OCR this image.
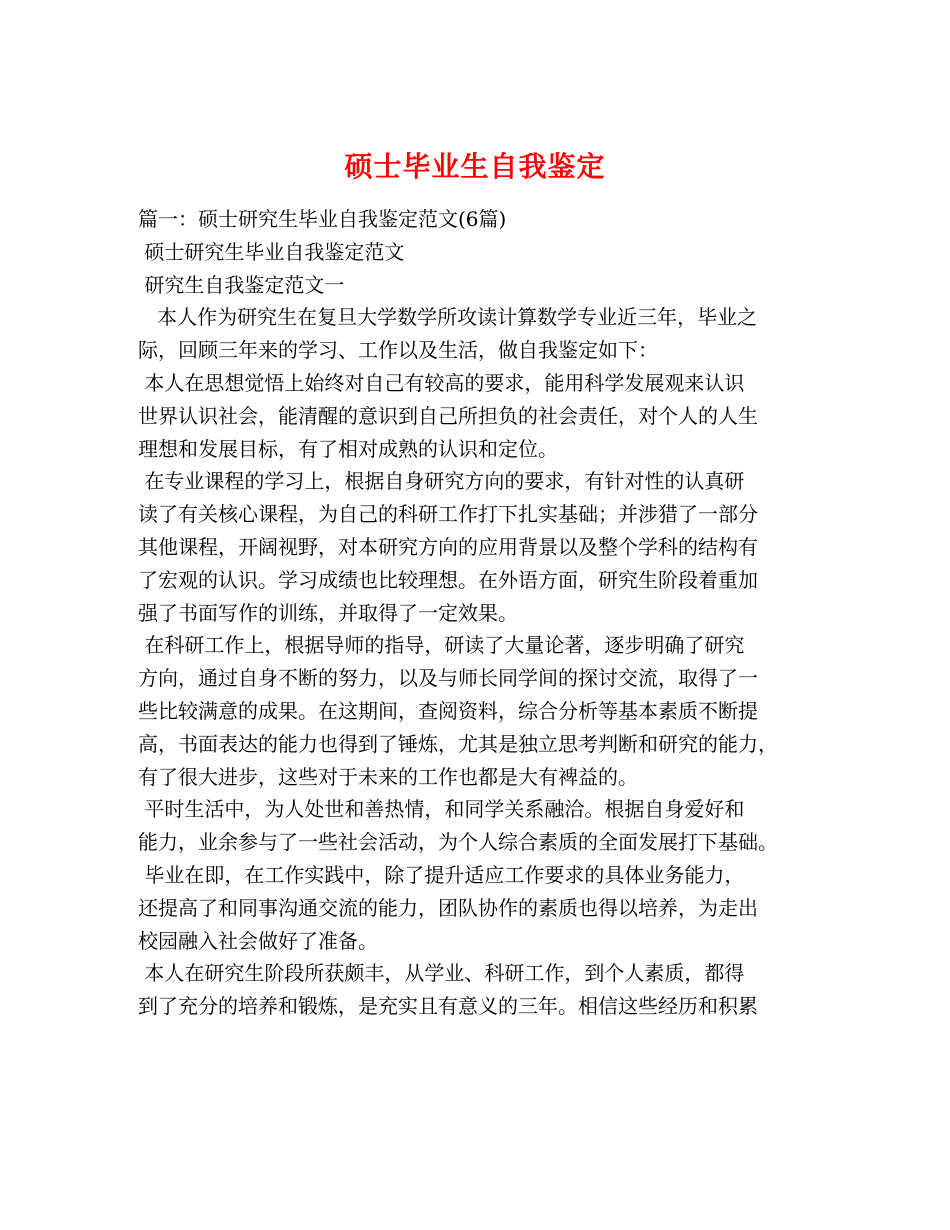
硕士毕业生自我鉴定

篇一：硕士研究生毕业自我鉴定范文(6篇)

硕士研究生毕业自我鉴定范文

研究生自我鉴定范文一

本人作为研究生在复旦大学数学所攻读计算数学专业近三年，毕业之

际，回顾三年来的学习、工作以及生活，做自我鉴定如下：

本人在思想觉悟上始终对自己有较高的要求，能用科学发展观来认识

世界认识社会，能清醒的意识到自己所担负的社会责任，对个人的人生

理想和发展目标，有了相对成熟的认识和定位。

在专业课程的学习上，根据自身研究方向的要求，有针对性的认真研

读了有关核心课程，为自己的科研工作打下扎实基础；并涉猎了一部分

其他课程，开阔视野，对本研究方向的应用背景以及整个学科的结构有

了宏观的认识。学习成绩也比较理想。在外语方面，研究生阶段着重加

强了书面写作的训练，并取得了一定效果。

在科研工作上，根据导师的指导，研读了大量论著，逐步明确了研究

方向，通过自身不断的努力，以及与师长同学间的探讨交流，取得了一

些比较满意的成果。在这期间，查阅资料，综合分析等基本素质不断提

高，书面表达的能力也得到了锤炼，尤其是独立思考判断和研究的能力，

有了很大进步，这些对于未来的工作也都是大有裨益的。

平时生活中，为人处世和善热情，和同学关系融洽。根据自身爱好和

能力，业余参与了一些社会活动，为个人综合素质的全面发展打下基础。

毕业在即，在工作实践中，除了提升适应工作要求的具体业务能力，

还提高了和同事沟通交流的能力，团队协作的素质也得以培养，为走出

校园融入社会做好了准备。

本人在研究生阶段所获颇丰，从学业、科研工作，到个人素质，都得

到了充分的培养和锻炼，是充实且有意义的三年。相信这些经历和积累
